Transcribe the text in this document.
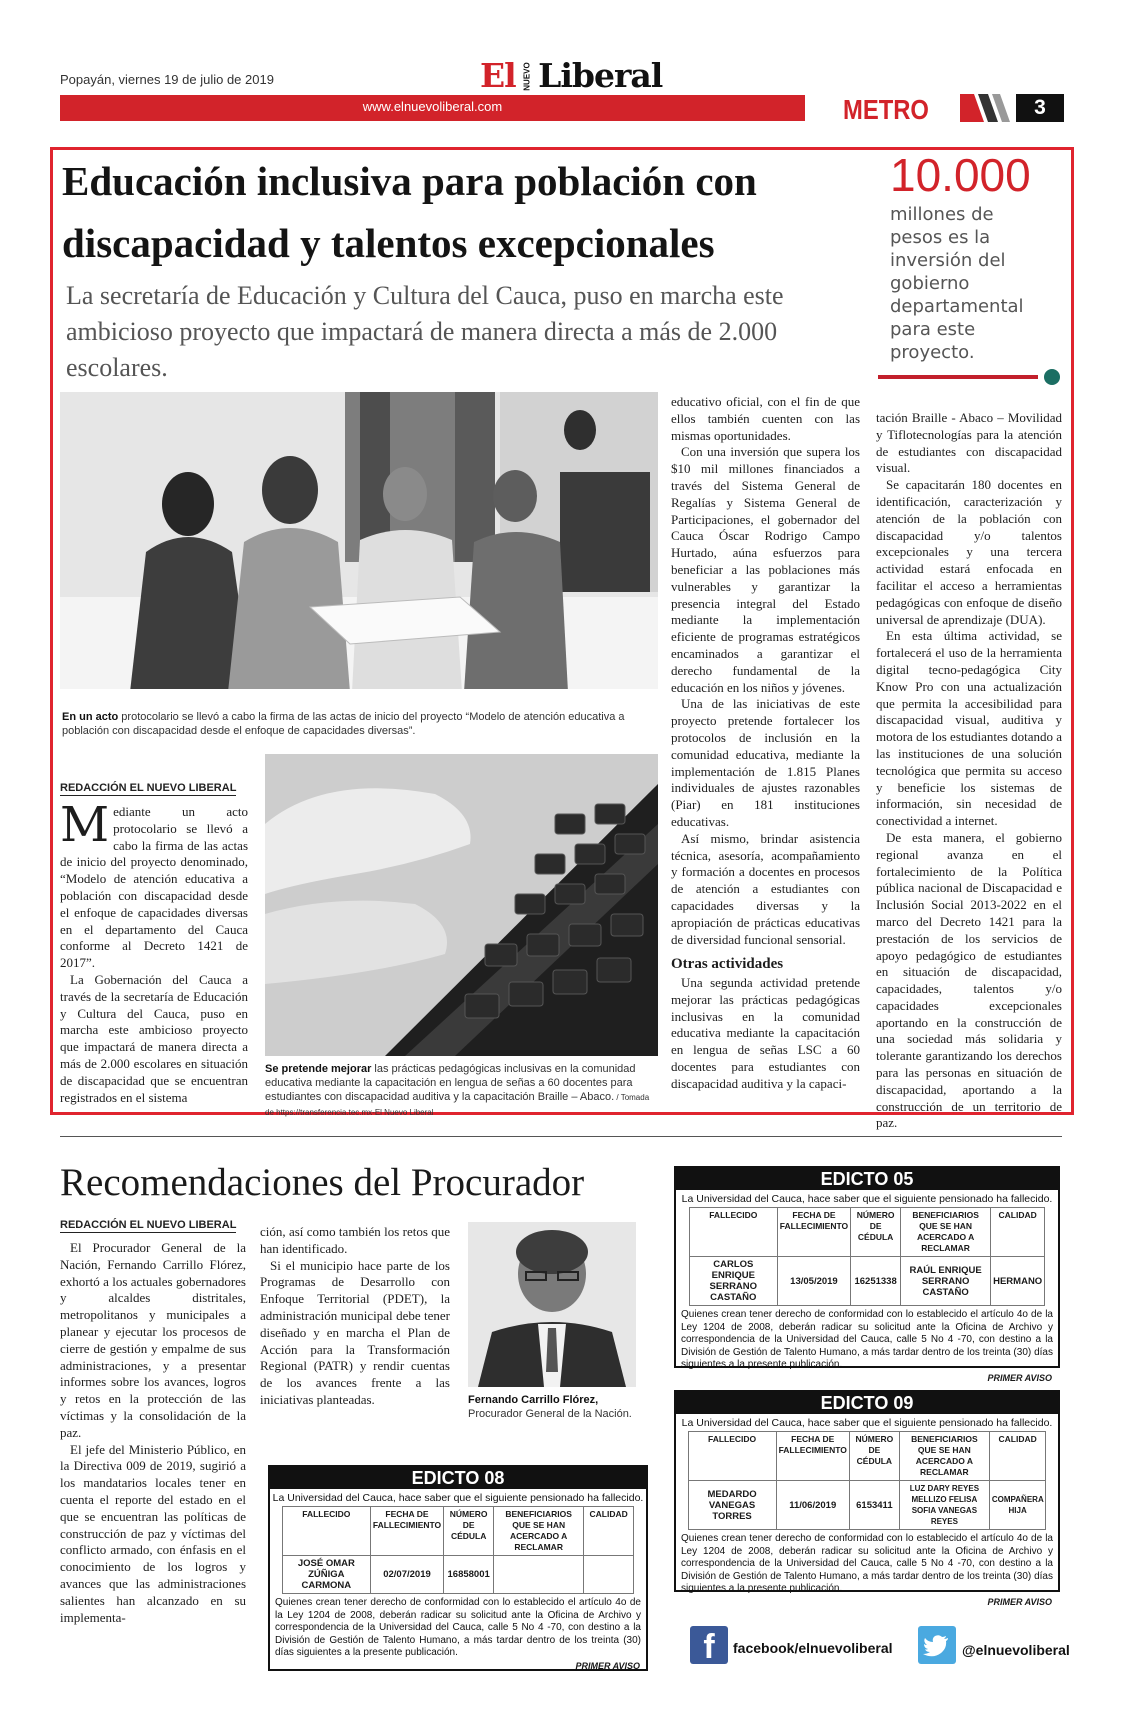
Popayán, viernes 19 de julio de 2019	El NUEVO Liberal
www.elnuevoliberal.com	METRO	3
Educación inclusiva para población con discapacidad y talentos excepcionales
La secretaría de Educación y Cultura del Cauca, puso en marcha este ambicioso proyecto que impactará de manera directa a más de 2.000 escolares.
10.000
millones de pesos es la inversión del gobierno departamental para este proyecto.
En un acto protocolario se llevó a cabo la firma de las actas de inicio del proyecto “Modelo de atención educativa a población con discapacidad desde el enfoque de capacidades diversas”.
REDACCIÓN EL NUEVO LIBERAL

Mediante un acto protocolario se llevó a cabo la firma de las actas de inicio del proyecto denominado, “Modelo de atención educativa a población con discapacidad desde el enfoque de capacidades diversas en el departamento del Cauca conforme al Decreto 1421 de 2017”.

La Gobernación del Cauca a través de la secretaría de Educación y Cultura del Cauca, puso en marcha este ambicioso proyecto que impactará de manera directa a más de 2.000 escolares en situación de discapacidad que se encuentran registrados en el sistema

Se pretende mejorar las prácticas pedagógicas inclusivas en la comunidad educativa mediante la capacitación en lengua de señas a 60 docentes para estudiantes con discapacidad auditiva y la capacitación Braille – Abaco. / Tomada de https://transferencia.tec.mx-El Nuevo Liberal

educativo oficial, con el fin de que ellos también cuenten con las mismas oportunidades.

Con una inversión que supera los $10 mil millones financiados a través del Sistema General de Regalías y Sistema General de Participaciones, el gobernador del Cauca Óscar Rodrigo Campo Hurtado, aúna esfuerzos para beneficiar a las poblaciones más vulnerables y garantizar la presencia integral del Estado mediante la implementación eficiente de programas estratégicos encaminados a garantizar el derecho fundamental de la educación en los niños y jóvenes.

Una de las iniciativas de este proyecto pretende fortalecer los protocolos de inclusión en la comunidad educativa, mediante la implementación de 1.815 Planes individuales de ajustes razonables (Piar) en 181 instituciones educativas.

Así mismo, brindar asistencia técnica, asesoría, acompañamiento y formación a docentes en procesos de atención a estudiantes con capacidades diversas y la apropiación de prácticas educativas de diversidad funcional sensorial.

Otras actividades

Una segunda actividad pretende mejorar las prácticas pedagógicas inclusivas en la comunidad educativa mediante la capacitación en lengua de señas LSC a 60 docentes para estudiantes con discapacidad auditiva y la capaci-

tación Braille - Abaco – Movilidad y Tiflotecnologías para la atención de estudiantes con discapacidad visual.

Se capacitarán 180 docentes en identificación, caracterización y atención de la población con discapacidad y/o talentos excepcionales y una tercera actividad estará enfocada en facilitar el acceso a herramientas pedagógicas con enfoque de diseño universal de aprendizaje (DUA).

En esta última actividad, se fortalecerá el uso de la herramienta digital tecno-pedagógica City Know Pro con una actualización que permita la accesibilidad para discapacidad visual, auditiva y motora de los estudiantes dotando a las instituciones de una solución tecnológica que permita su acceso y beneficie los sistemas de información, sin necesidad de conectividad a internet.

De esta manera, el gobierno regional avanza en el fortalecimiento de la Política pública nacional de Discapacidad e Inclusión Social 2013-2022 en el marco del Decreto 1421 para la prestación de los servicios de apoyo pedagógico de estudiantes en situación de discapacidad, capacidades, talentos y/o capacidades excepcionales aportando en la construcción de una sociedad más solidaria y tolerante garantizando los derechos para las personas en situación de discapacidad, aportando a la construcción de un territorio de paz.

Recomendaciones del Procurador
REDACCIÓN EL NUEVO LIBERAL

El Procurador General de la Nación, Fernando Carrillo Flórez, exhortó a los actuales gobernadores y alcaldes distritales, metropolitanos y municipales a planear y ejecutar los procesos de cierre de gestión y empalme de sus administraciones, y a presentar informes sobre los avances, logros y retos en la protección de las víctimas y la consolidación de la paz.

El jefe del Ministerio Público, en la Directiva 009 de 2019, sugirió a los mandatarios locales tener en cuenta el reporte del estado en el que se encuentran las políticas de construcción de paz y víctimas del conflicto armado, con énfasis en el conocimiento de los logros y avances que las administraciones salientes han alcanzado en su implementa-

ción, así como también los retos que han identificado.

Si el municipio hace parte de los Programas de Desarrollo con Enfoque Territorial (PDET), la administración municipal debe tener diseñado y en marcha el Plan de Acción para la Transformación Regional (PATR) y rendir cuentas de los avances frente a las iniciativas planteadas.	Fernando Carrillo Flórez, Procurador General de la Nación.
EDICTO 05
La Universidad del Cauca, hace saber que el siguiente pensionado ha fallecido.
FALLECIDO	FECHA DE FALLECIMIENTO	NÚMERO DE CÉDULA	BENEFICIARIOS QUE SE HAN ACERCADO A RECLAMAR	CALIDAD
CARLOS ENRIQUE SERRANO CASTAÑO	13/05/2019	16251338	RAÚL ENRIQUE SERRANO CASTAÑO	HERMANO
Quienes crean tener derecho de conformidad con lo establecido el artículo 4o de la Ley 1204 de 2008, deberán radicar su solicitud ante la Oficina de Archivo y correspondencia de la Universidad del Cauca, calle 5 No 4 -70, con destino a la División de Gestión de Talento Humano, a más tardar dentro de los treinta (30) días siguientes a la presente publicación.
PRIMER AVISO
EDICTO 09
La Universidad del Cauca, hace saber que el siguiente pensionado ha fallecido.
FALLECIDO	FECHA DE FALLECIMIENTO	NÚMERO DE CÉDULA	BENEFICIARIOS QUE SE HAN ACERCADO A RECLAMAR	CALIDAD
MEDARDO VANEGAS TORRES	11/06/2019	6153411	LUZ DARY REYES MELLIZO FELISA SOFIA VANEGAS REYES	COMPAÑERA HIJA
Quienes crean tener derecho de conformidad con lo establecido el artículo 4o de la Ley 1204 de 2008, deberán radicar su solicitud ante la Oficina de Archivo y correspondencia de la Universidad del Cauca, calle 5 No 4 -70, con destino a la División de Gestión de Talento Humano, a más tardar dentro de los treinta (30) días siguientes a la presente publicación.
PRIMER AVISO
EDICTO 08
La Universidad del Cauca, hace saber que el siguiente pensionado ha fallecido.
FALLECIDO	FECHA DE FALLECIMIENTO	NÚMERO DE CÉDULA	BENEFICIARIOS QUE SE HAN ACERCADO A RECLAMAR	CALIDAD
JOSÉ OMAR ZÚÑIGA CARMONA	02/07/2019	16858001		
Quienes crean tener derecho de conformidad con lo establecido el artículo 4o de la Ley 1204 de 2008, deberán radicar su solicitud ante la Oficina de Archivo y correspondencia de la Universidad del Cauca, calle 5 No 4 -70, con destino a la División de Gestión de Talento Humano, a más tardar dentro de los treinta (30) días siguientes a la presente publicación.
PRIMER AVISO	f	facebook/elnuevoliberal	@elnuevoliberal
